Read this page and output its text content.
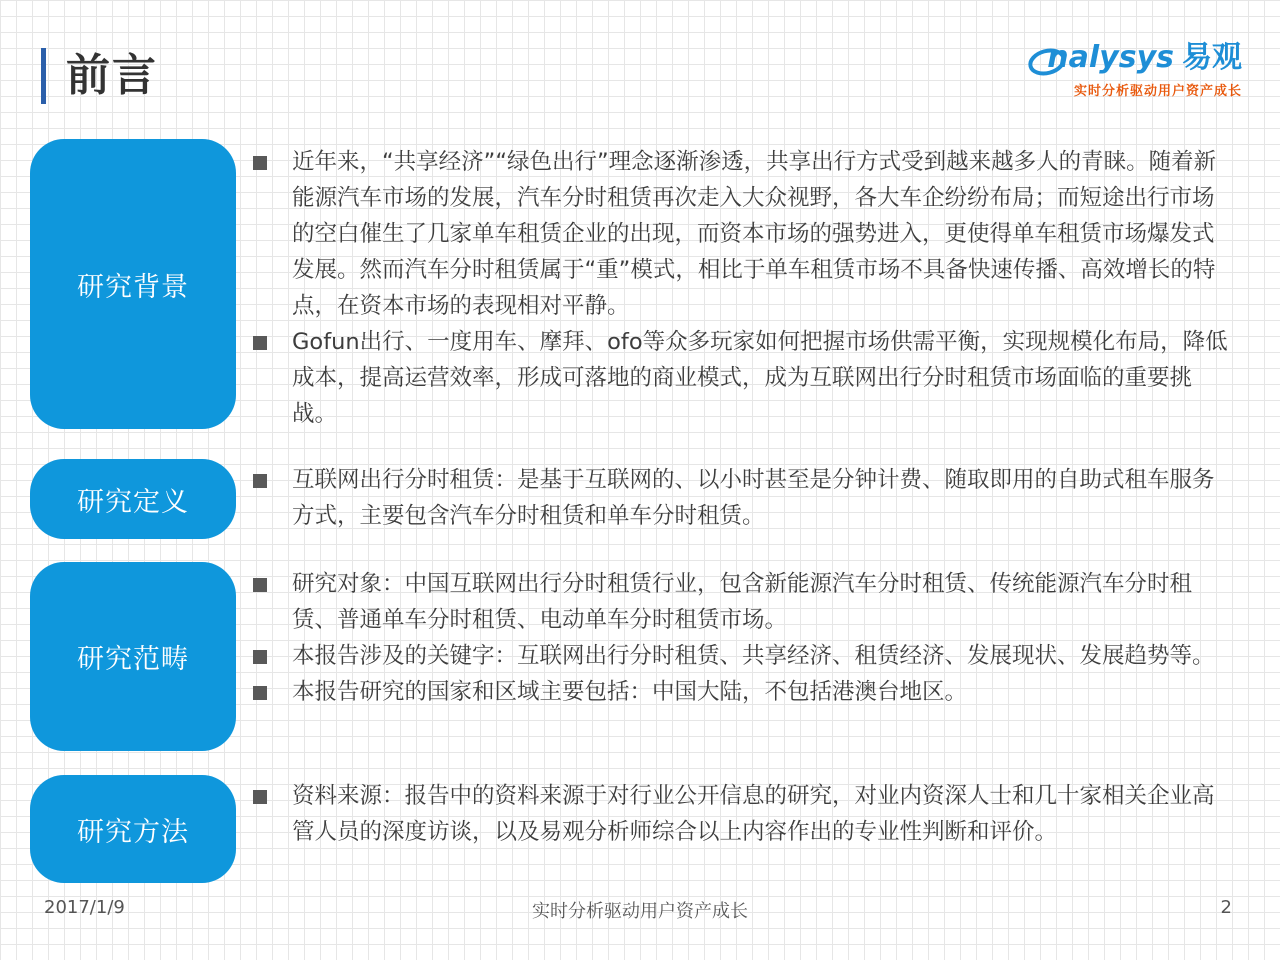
前言	nalysys 易观
实时分析驱动用户资产成长
研究背景
近年来，“共享经济”“绿色出行”理念逐渐渗透，共享出行方式受到越来越多人的青睐。随着新能源汽车市场的发展，汽车分时租赁再次走入大众视野，各大车企纷纷布局；而短途出行市场的空白催生了几家单车租赁企业的出现，而资本市场的强势进入，更使得单车租赁市场爆发式发展。然而汽车分时租赁属于“重”模式，相比于单车租赁市场不具备快速传播、高效增长的特点，在资本市场的表现相对平静。
Gofun出行、一度用车、摩拜、ofo等众多玩家如何把握市场供需平衡，实现规模化布局，降低成本，提高运营效率，形成可落地的商业模式，成为互联网出行分时租赁市场面临的重要挑战。
研究定义
互联网出行分时租赁：是基于互联网的、以小时甚至是分钟计费、随取即用的自助式租车服务方式，主要包含汽车分时租赁和单车分时租赁。
研究范畴
研究对象：中国互联网出行分时租赁行业，包含新能源汽车分时租赁、传统能源汽车分时租赁、普通单车分时租赁、电动单车分时租赁市场。
本报告涉及的关键字：互联网出行分时租赁、共享经济、租赁经济、发展现状、发展趋势等。
本报告研究的国家和区域主要包括：中国大陆，不包括港澳台地区。
研究方法
资料来源：报告中的资料来源于对行业公开信息的研究，对业内资深人士和几十家相关企业高管人员的深度访谈，以及易观分析师综合以上内容作出的专业性判断和评价。
2017/1/9	实时分析驱动用户资产成长	2
